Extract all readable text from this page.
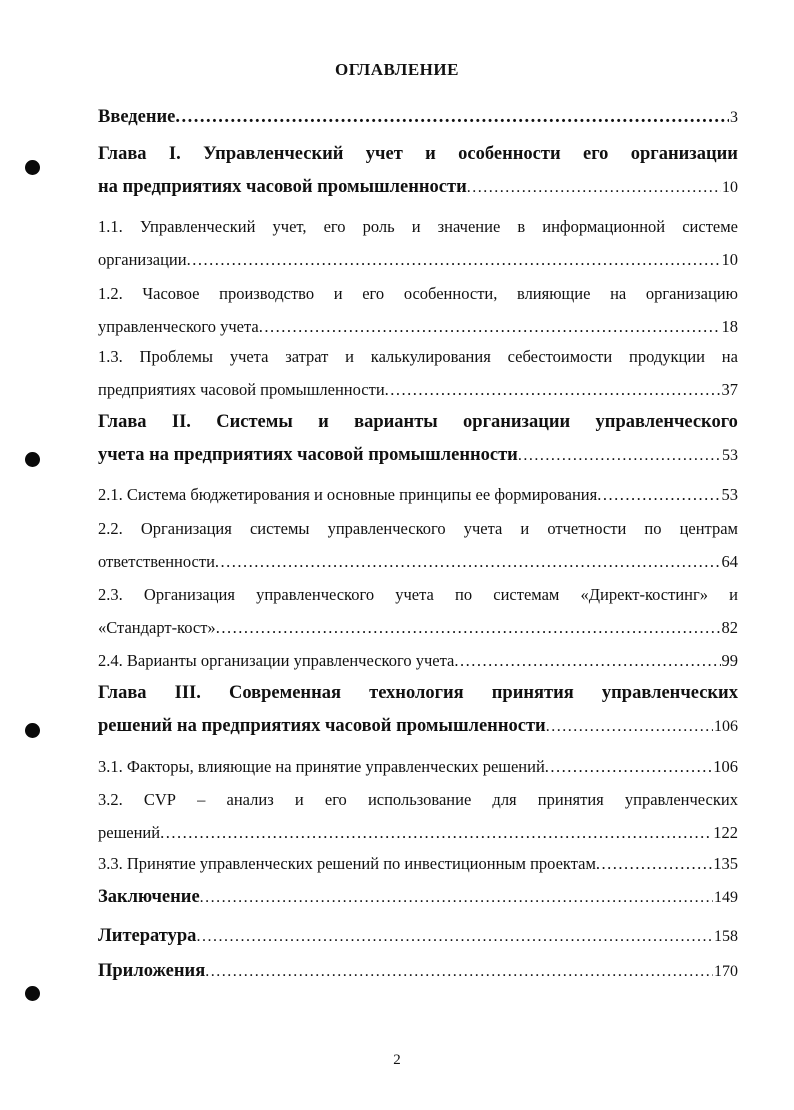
ОГЛАВЛЕНИЕ
Введение .....	3
Глава I. Управленческий учет и особенности его организации
на предприятиях часовой промышленности .....	10
1.1. Управленческий учет, его роль и значение в информационной системе
организации .....	10
1.2. Часовое производство и его особенности, влияющие на организацию
управленческого учета .....	18
1.3. Проблемы учета затрат и калькулирования себестоимости продукции на
предприятиях часовой промышленности .....	37
Глава II. Системы и варианты организации управленческого
учета на предприятиях часовой промышленности .....	53
2.1. Система бюджетирования и основные принципы ее формирования .....	53
2.2. Организация системы управленческого учета и отчетности по центрам
ответственности .....	64
2.3. Организация управленческого учета по системам «Директ-костинг» и
«Стандарт-кост» .....	82
2.4. Варианты организации управленческого учета .....	99
Глава III. Современная технология принятия управленческих
решений на предприятиях часовой промышленности .....	106
3.1. Факторы, влияющие на принятие управленческих решений .....	106
3.2. CVP – анализ и его использование для принятия управленческих
решений .....	122
3.3. Принятие управленческих решений по инвестиционным проектам .....	135
Заключение .....	149
Литература .....	158
Приложения .....	170
2
